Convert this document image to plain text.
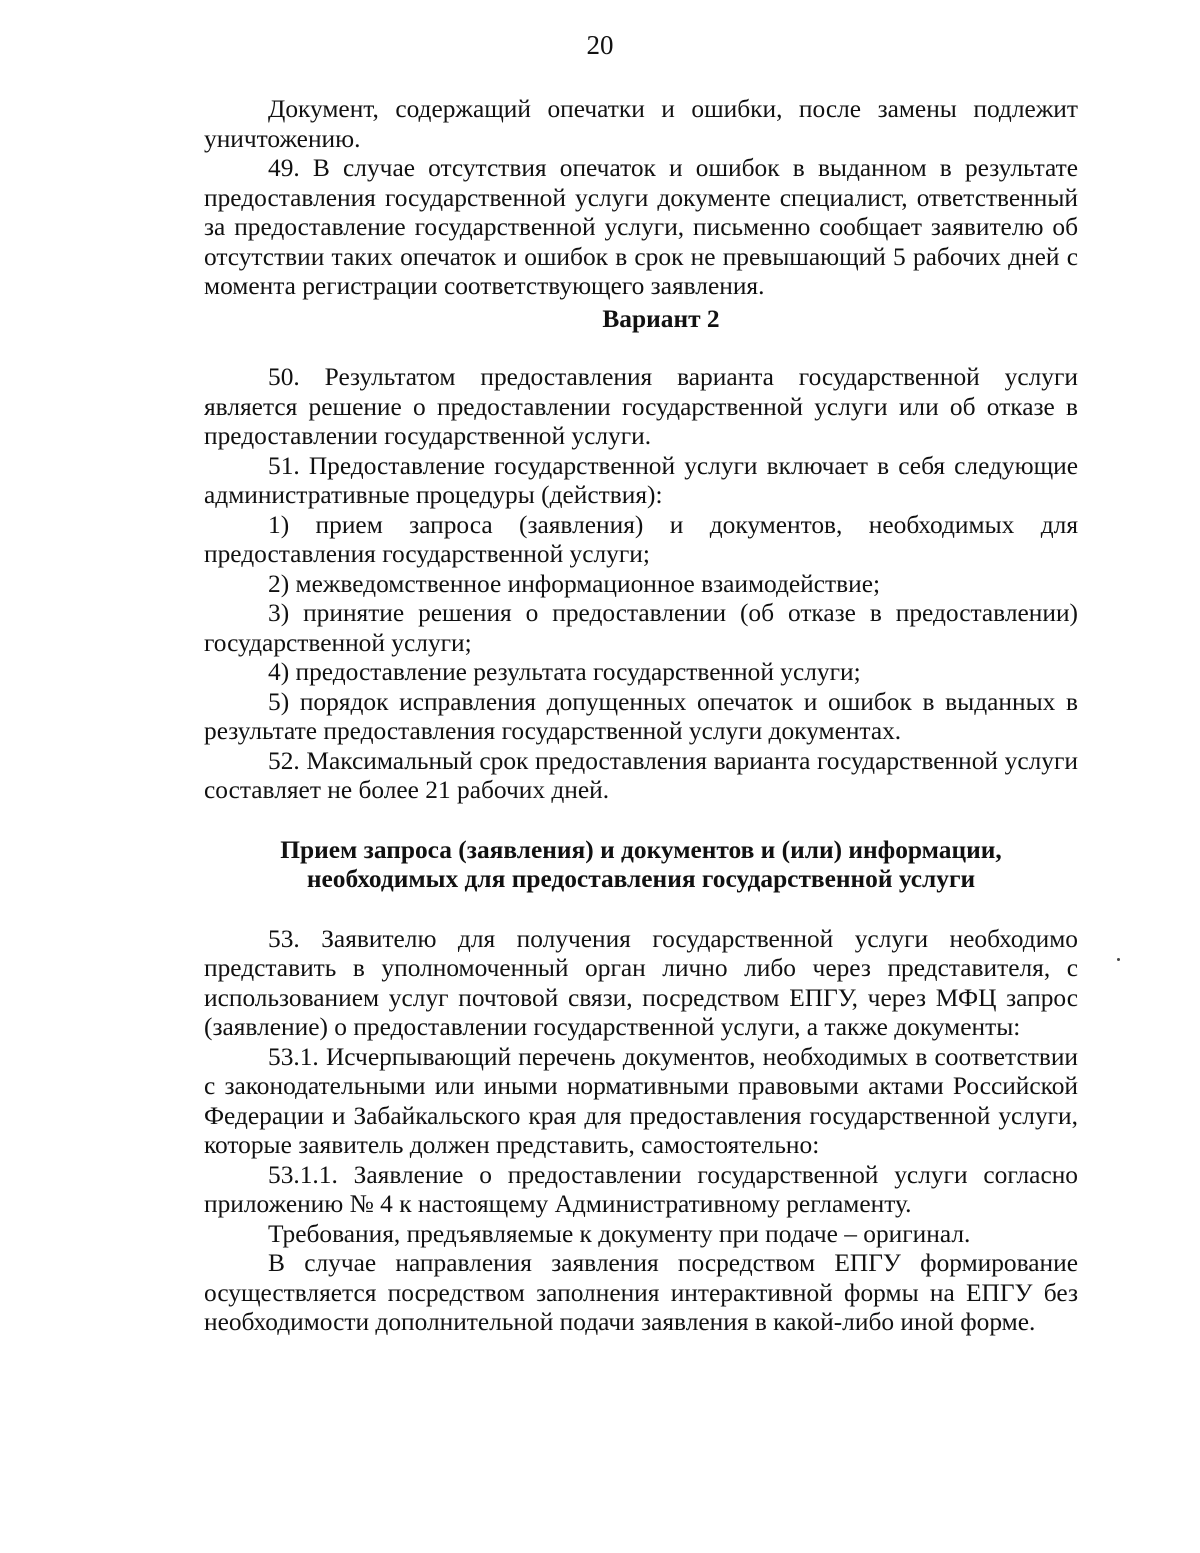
20

Документ, содержащий опечатки и ошибки, после замены подлежит уничтожению.

49. В случае отсутствия опечаток и ошибок в выданном в результате предоставления государственной услуги документе специалист, ответственный за предоставление государственной услуги, письменно сообщает заявителю об отсутствии таких опечаток и ошибок в срок не превышающий 5 рабочих дней с момента регистрации соответствующего заявления.

Вариант 2

50. Результатом предоставления варианта государственной услуги является решение о предоставлении государственной услуги или об отказе в предоставлении государственной услуги.

51. Предоставление государственной услуги включает в себя следующие административные процедуры (действия):

1) прием запроса (заявления) и документов, необходимых для предоставления государственной услуги;

2) межведомственное информационное взаимодействие;

3) принятие решения о предоставлении (об отказе в предоставлении) государственной услуги;

4) предоставление результата государственной услуги;

5) порядок исправления допущенных опечаток и ошибок в выданных в результате предоставления государственной услуги документах.

52. Максимальный срок предоставления варианта государственной услуги составляет не более 21 рабочих дней.

Прием запроса (заявления) и документов и (или) информации,
необходимых для предоставления государственной услуги

53. Заявителю для получения государственной услуги необходимо представить в уполномоченный орган лично либо через представителя, с использованием услуг почтовой связи, посредством ЕПГУ, через МФЦ запрос (заявление) о предоставлении государственной услуги, а также документы:

53.1. Исчерпывающий перечень документов, необходимых в соответствии с законодательными или иными нормативными правовыми актами Российской Федерации и Забайкальского края для предоставления государственной услуги, которые заявитель должен представить, самостоятельно:

53.1.1. Заявление о предоставлении государственной услуги согласно приложению № 4 к настоящему Административному регламенту.

Требования, предъявляемые к документу при подаче – оригинал.

В случае направления заявления посредством ЕПГУ формирование осуществляется посредством заполнения интерактивной формы на ЕПГУ без необходимости дополнительной подачи заявления в какой-либо иной форме.
